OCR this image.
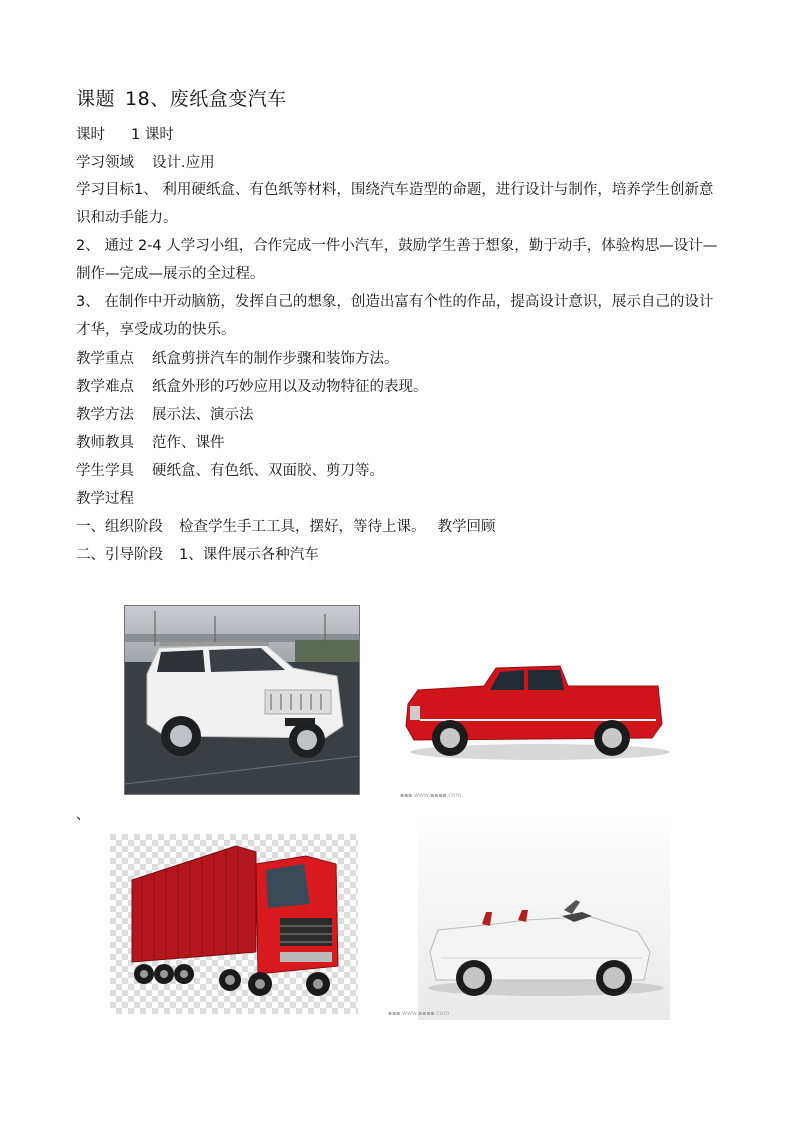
课题 18、废纸盒变汽车
课时 1 课时
学习领域 设计.应用
学习目标1、 利用硬纸盒、有色纸等材料，围绕汽车造型的命题，进行设计与制作，培养学生创新意识和动手能力。
2、 通过 2-4 人学习小组，合作完成一件小汽车，鼓励学生善于想象，勤于动手，体验构思—设计—制作—完成—展示的全过程。
3、 在制作中开动脑筋，发挥自己的想象，创造出富有个性的作品，提高设计意识，展示自己的设计才华，享受成功的快乐。
教学重点 纸盒剪拼汽车的制作步骤和装饰方法。
教学难点 纸盒外形的巧妙应用以及动物特征的表现。
教学方法 展示法、演示法
教师教具 范作、课件
学生学具 硬纸盒、有色纸、双面胶、剪刀等。
教学过程
一、组织阶段 检查学生手工工具，摆好，等待上课。 教学回顾
二、引导阶段 1、课件展示各种汽车
▪▪▪ www.▪▪▪▪.com
、
▪▪▪ www.▪▪▪▪.com
